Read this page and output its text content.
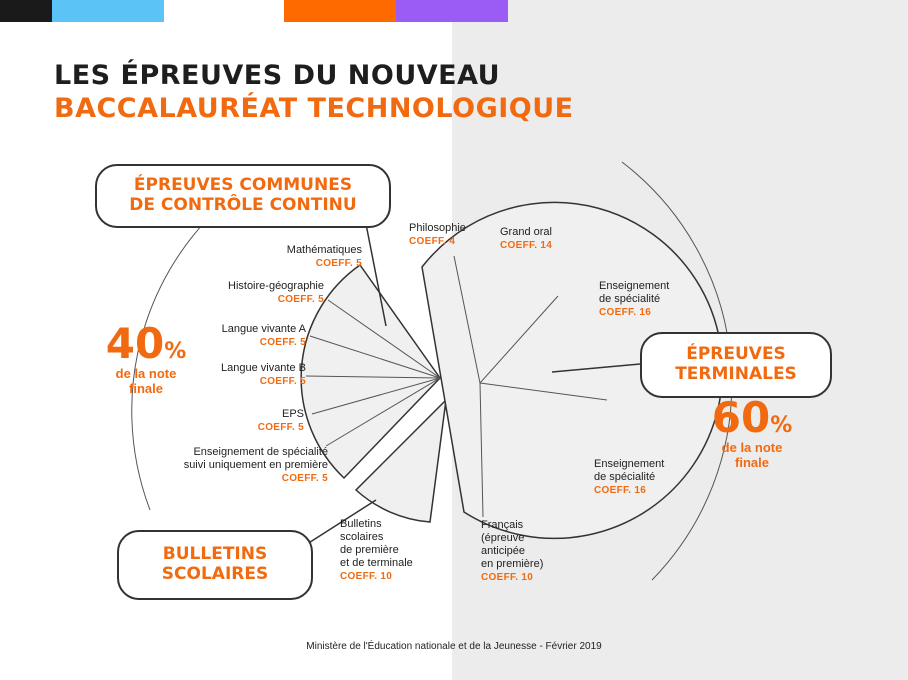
LES ÉPREUVES DU NOUVEAU
BACCALAURÉAT TECHNOLOGIQUE
ÉPREUVES COMMUNES
DE CONTRÔLE CONTINU
ÉPREUVES
TERMINALES
BULLETINS
SCOLAIRES
40%
de la note
finale
60%
de la note
finale
Mathématiques
COEFF. 5
Histoire-géographie
COEFF. 5
Langue vivante A
COEFF. 5
Langue vivante B
COEFF. 5
EPS
COEFF. 5
Enseignement de spécialité
suivi uniquement en première
COEFF. 5
Bulletins
scolaires
de première
et de terminale
COEFF. 10
Philosophie
COEFF. 4
Grand oral
COEFF. 14
Enseignement
de spécialité
COEFF. 16
Enseignement
de spécialité
COEFF. 16
Français
(épreuve
anticipée
en première)
COEFF. 10
Ministère de l'Éducation nationale et de la Jeunesse - Février 2019
